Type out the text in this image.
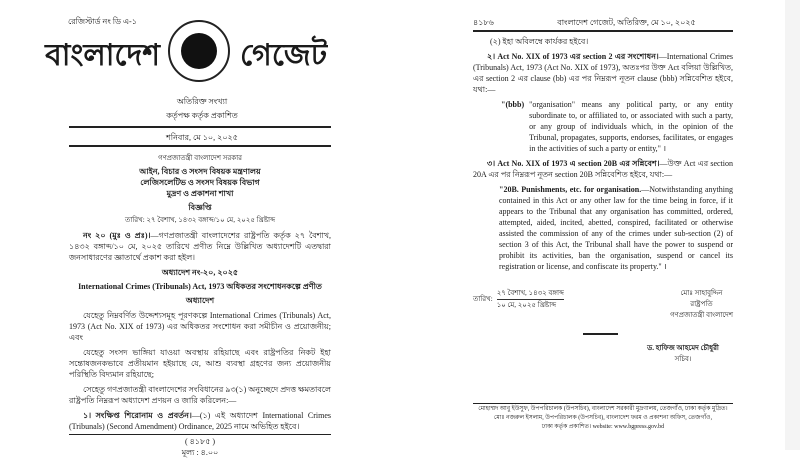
রেজিস্টার্ড নং ডি এ-১
বাংলাদেশ	গেজেট
অতিরিক্ত সংখ্যা
কর্তৃপক্ষ কর্তৃক প্রকাশিত
শনিবার, মে ১০, ২০২৫
গণপ্রজাতন্ত্রী বাংলাদেশ সরকার
আইন, বিচার ও সংসদ বিষয়ক মন্ত্রণালয়
লেজিসলেটিভ ও সংসদ বিষয়ক বিভাগ
মুদ্রণ ও প্রকাশনা শাখা
বিজ্ঞপ্তি
তারিখ: ২৭ বৈশাখ, ১৪৩২ বঙ্গাব্দ/১০ মে, ২০২৫ খ্রিষ্টাব্দ
নং ২০ (মুঃ ও প্রঃ)।—গণপ্রজাতন্ত্রী বাংলাদেশের রাষ্ট্রপতি কর্তৃক ২৭ বৈশাখ, ১৪৩২ বঙ্গাব্দ/১০ মে, ২০২৫ তারিখে প্রণীত নিম্নে উল্লিখিত অধ্যাদেশটি এতদ্বারা জনসাধারণের জ্ঞাতার্থে প্রকাশ করা হইল।
অধ্যাদেশ নং-২০, ২০২৫
International Crimes (Tribunals) Act, 1973 অধিকতর সংশোধনকল্পে প্রণীত
অধ্যাদেশ
যেহেতু নিম্নবর্ণিত উদ্দেশ্যসমূহ পূরণকল্পে International Crimes (Tribunals) Act, 1973 (Act No. XIX of 1973) এর অধিকতর সংশোধন করা সমীচীন ও প্রয়োজনীয়; এবং
যেহেতু সংসদ ভাঙ্গিয়া যাওয়া অবস্থায় রহিয়াছে এবং রাষ্ট্রপতির নিকট ইহা সন্তোষজনকভাবে প্রতীয়মান হইয়াছে যে, আশু ব্যবস্থা গ্রহণের জন্য প্রয়োজনীয় পরিস্থিতি বিদ্যমান রহিয়াছে;
সেহেতু গণপ্রজাতন্ত্রী বাংলাদেশের সংবিধানের ৯৩(১) অনুচ্ছেদে প্রদত্ত ক্ষমতাবলে রাষ্ট্রপতি নিম্নরূপ অধ্যাদেশ প্রণয়ন ও জারি করিলেন:—
১। সংক্ষিপ্ত শিরোনাম ও প্রবর্তন।—(১) এই অধ্যাদেশ International Crimes (Tribunals) (Second Amendment) Ordinance, 2025 নামে অভিহিত হইবে।
( ৪১৮৫ )
মূল্য : ৪.০০
৪১৮৬	বাংলাদেশ গেজেট, অতিরিক্ত, মে ১০, ২০২৫
(২) ইহা অবিলম্বে কার্যকর হইবে।
২। Act No. XIX of 1973 এর section 2 এর সংশোধন।—International Crimes (Tribunals) Act, 1973 (Act No. XIX of 1973), অতঃপর উক্ত Act বলিয়া উল্লিখিত, এর section 2 এর clause (bb) এর পর নিম্নরূপ নূতন clause (bbb) সন্নিবেশিত হইবে, যথা:—
"(bbb) "organisation" means any political party, or any entity subordinate to, or affiliated to, or associated with such a party, or any group of individuals which, in the opinion of the Tribunal, propagates, supports, endorses, facilitates, or engages in the activities of such a party or entity," ।
৩। Act No. XIX of 1973 এ section 20B এর সন্নিবেশ।—উক্ত Act এর section 20A এর পর নিম্নরূপ নূতন section 20B সন্নিবেশিত হইবে, যথা:—
"20B. Punishments, etc. for organisation.—Notwithstanding anything contained in this Act or any other law for the time being in force, if it appears to the Tribunal that any organisation has committed, ordered, attempted, aided, incited, abetted, conspired, facilitated or otherwise assisted the commission of any of the crimes under sub-section (2) of section 3 of this Act, the Tribunal shall have the power to suspend or prohibit its activities, ban the organisation, suspend or cancel its registration or license, and confiscate its property." ।
তারিখ:
২৭ বৈশাখ, ১৪৩২ বঙ্গাব্দ
১০ মে, ২০২৫ খ্রিষ্টাব্দ
মোঃ সাহাবুদ্দিন
রাষ্ট্রপতি
গণপ্রজাতন্ত্রী বাংলাদেশ
ড. হাফিজ আহমেদ চৌধুরী
সচিব।
মোহাম্মদ আবু ইউসুফ, উপপরিচালক (উপসচিব), বাংলাদেশ সরকারী মুদ্রণালয়, তেজগাঁও, ঢাকা কর্তৃক মুদ্রিত।
মোঃ নজরুল ইসলাম, উপপরিচালক (উপসচিব), বাংলাদেশ ফরম ও প্রকাশনা অফিস, তেজগাঁও,
ঢাকা কর্তৃক প্রকাশিত। website: www.bgpress.gov.bd
